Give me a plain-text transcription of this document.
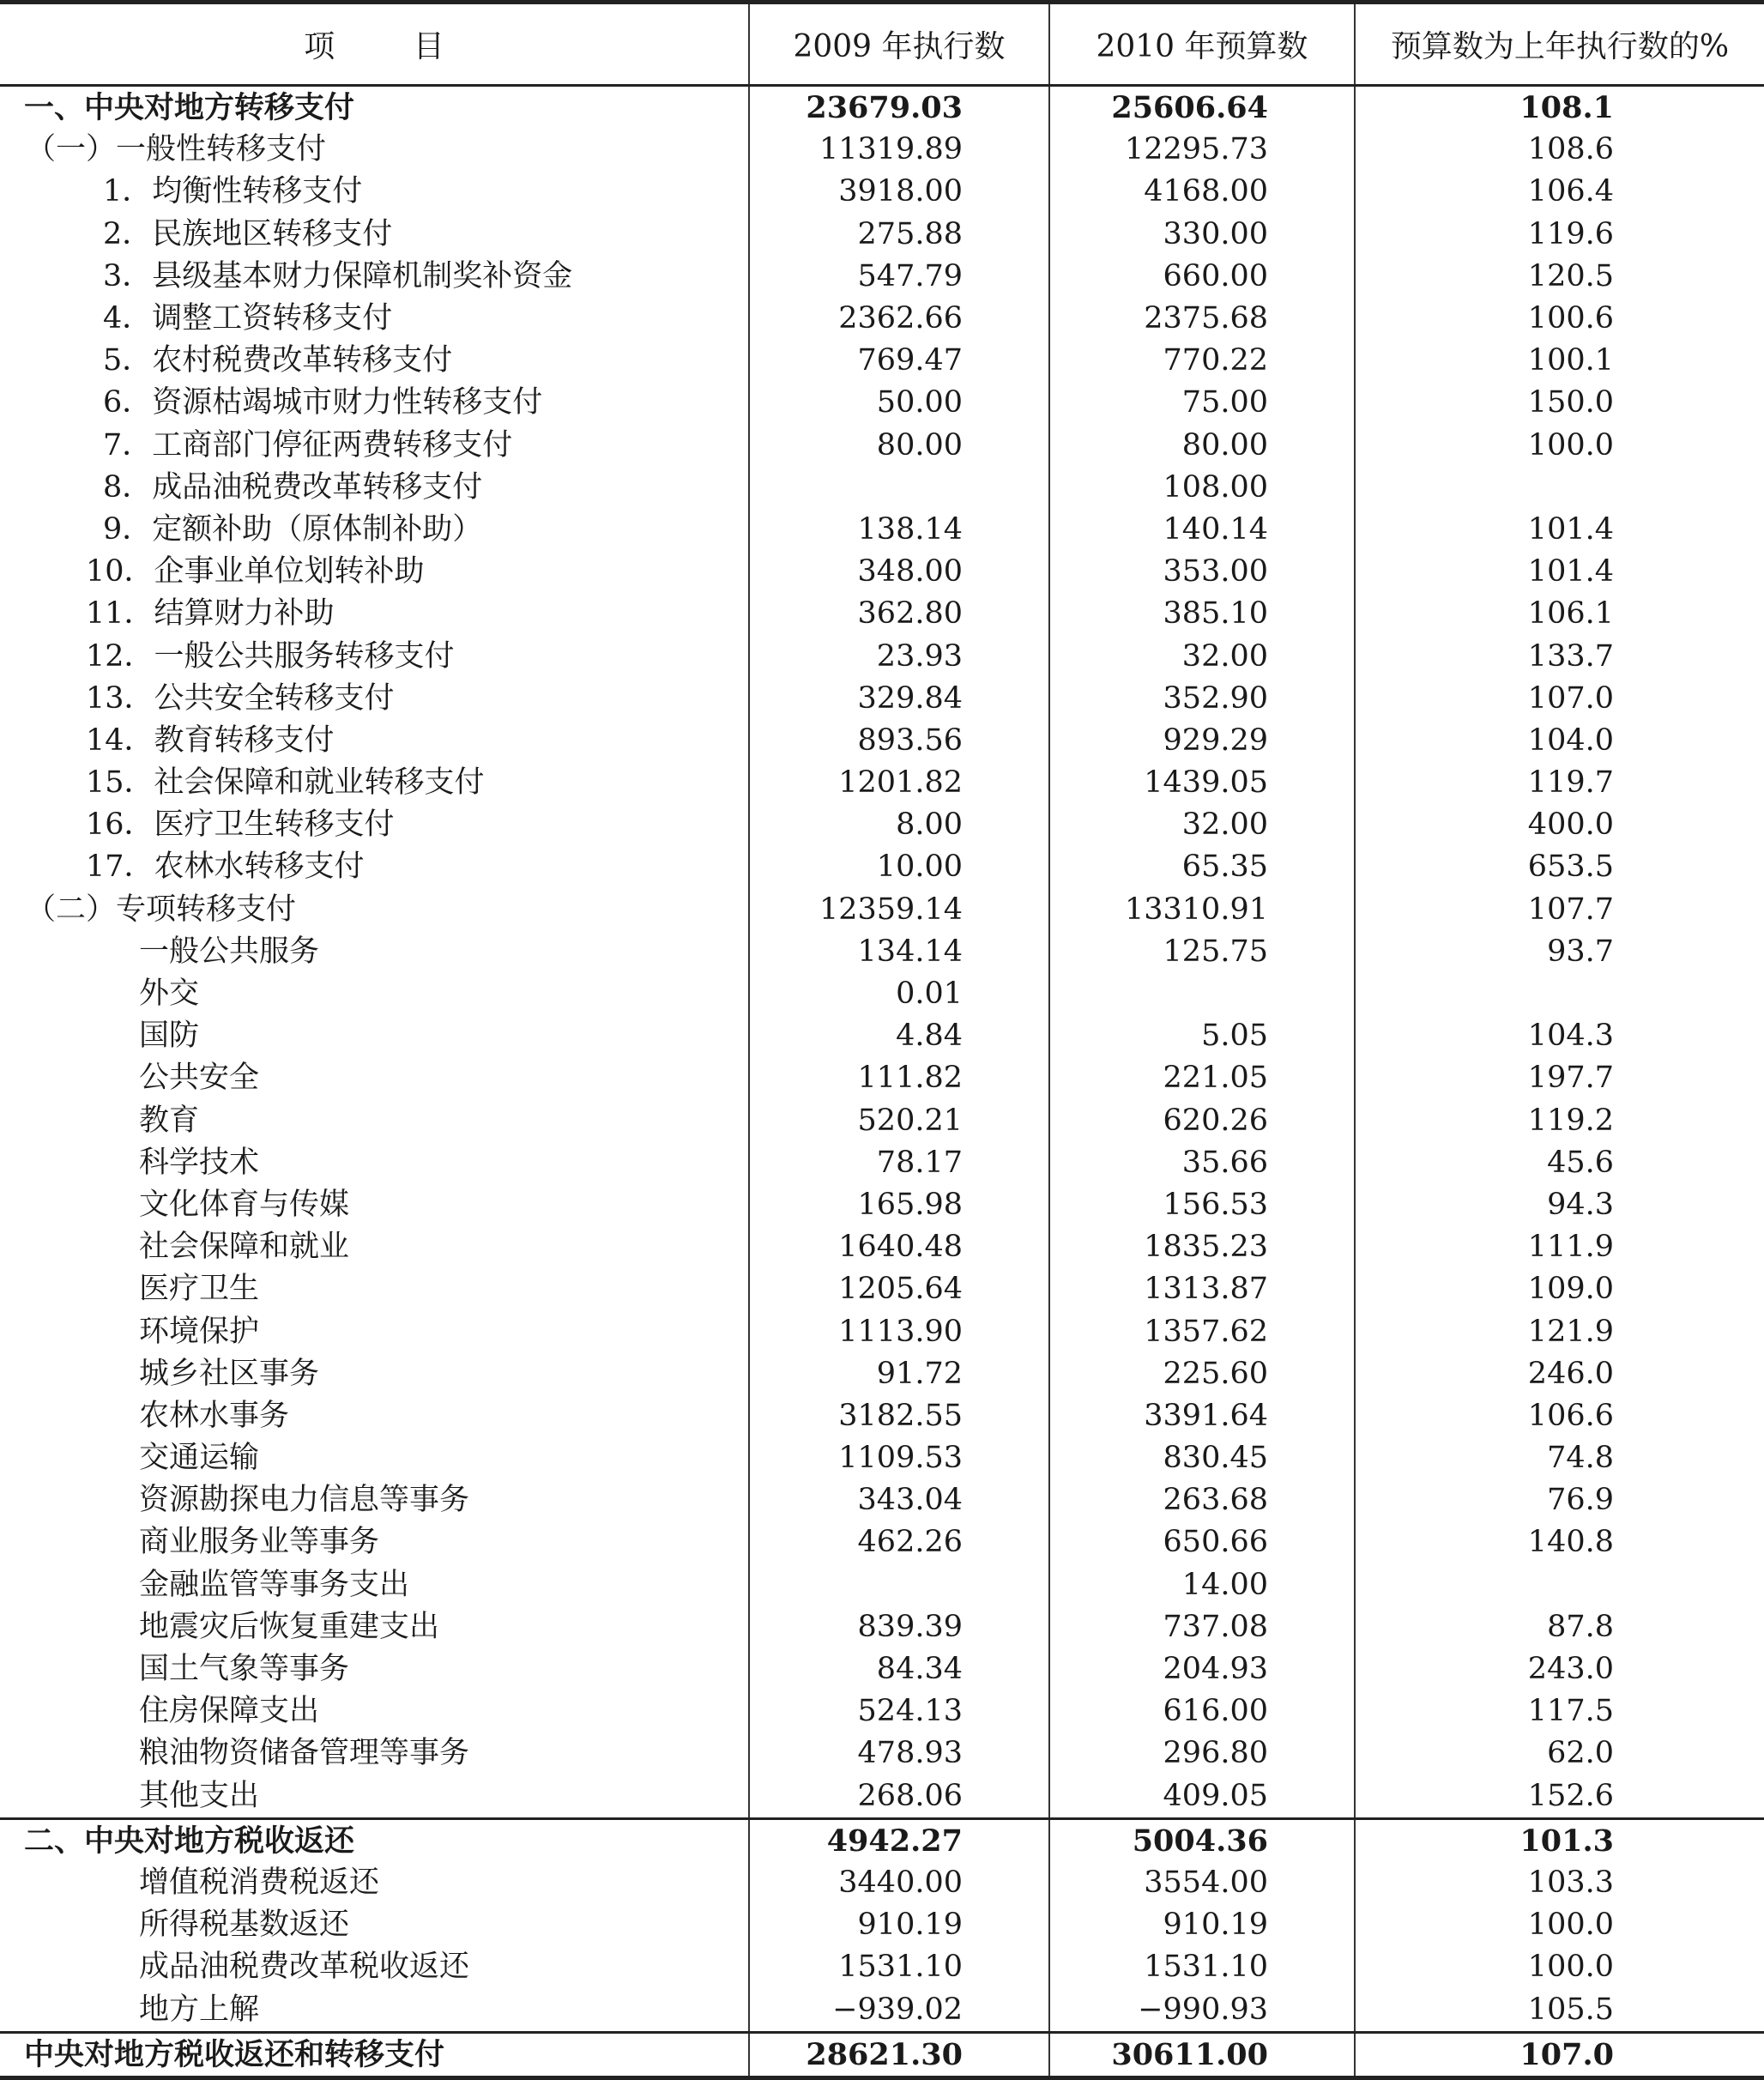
项        目	2009 年执行数	2010 年预算数	预算数为上年执行数的%
一、中央对地方转移支付	23679.03	25606.64	108.1
（一）一般性转移支付	11319.89	12295.73	108.6
1．均衡性转移支付	3918.00	4168.00	106.4
2．民族地区转移支付	275.88	330.00	119.6
3．县级基本财力保障机制奖补资金	547.79	660.00	120.5
4．调整工资转移支付	2362.66	2375.68	100.6
5．农村税费改革转移支付	769.47	770.22	100.1
6．资源枯竭城市财力性转移支付	50.00	75.00	150.0
7．工商部门停征两费转移支付	80.00	80.00	100.0
8．成品油税费改革转移支付		108.00	
9．定额补助（原体制补助）	138.14	140.14	101.4
10．企事业单位划转补助	348.00	353.00	101.4
11．结算财力补助	362.80	385.10	106.1
12．一般公共服务转移支付	23.93	32.00	133.7
13．公共安全转移支付	329.84	352.90	107.0
14．教育转移支付	893.56	929.29	104.0
15．社会保障和就业转移支付	1201.82	1439.05	119.7
16．医疗卫生转移支付	8.00	32.00	400.0
17．农林水转移支付	10.00	65.35	653.5
（二）专项转移支付	12359.14	13310.91	107.7
一般公共服务	134.14	125.75	93.7
外交	0.01		
国防	4.84	5.05	104.3
公共安全	111.82	221.05	197.7
教育	520.21	620.26	119.2
科学技术	78.17	35.66	45.6
文化体育与传媒	165.98	156.53	94.3
社会保障和就业	1640.48	1835.23	111.9
医疗卫生	1205.64	1313.87	109.0
环境保护	1113.90	1357.62	121.9
城乡社区事务	91.72	225.60	246.0
农林水事务	3182.55	3391.64	106.6
交通运输	1109.53	830.45	74.8
资源勘探电力信息等事务	343.04	263.68	76.9
商业服务业等事务	462.26	650.66	140.8
金融监管等事务支出		14.00	
地震灾后恢复重建支出	839.39	737.08	87.8
国土气象等事务	84.34	204.93	243.0
住房保障支出	524.13	616.00	117.5
粮油物资储备管理等事务	478.93	296.80	62.0
其他支出	268.06	409.05	152.6
二、中央对地方税收返还	4942.27	5004.36	101.3
增值税消费税返还	3440.00	3554.00	103.3
所得税基数返还	910.19	910.19	100.0
成品油税费改革税收返还	1531.10	1531.10	100.0
地方上解	−939.02	−990.93	105.5
中央对地方税收返还和转移支付	28621.30	30611.00	107.0
